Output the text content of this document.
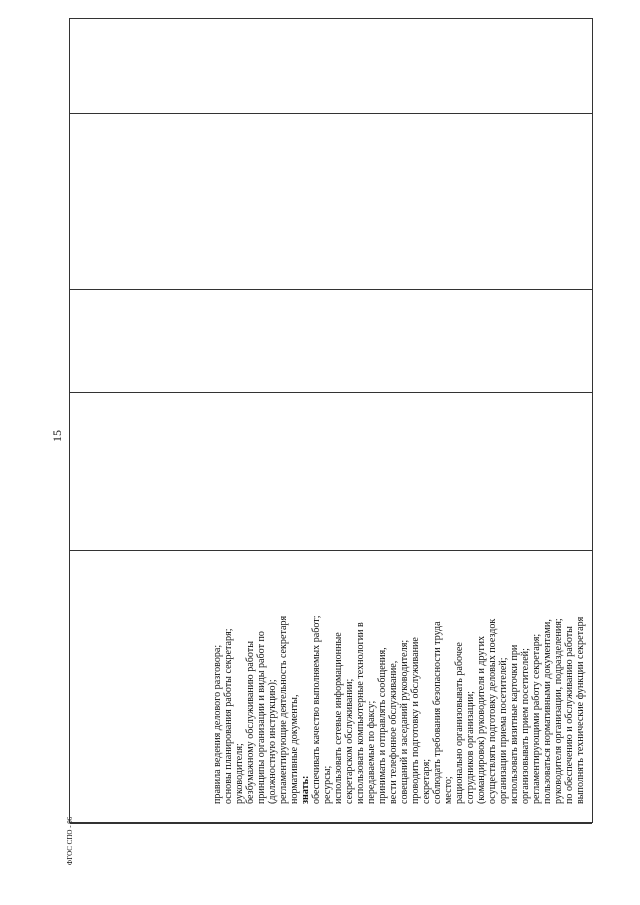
15
ФГОС СПО - 06
выполнять технические функции секретаря
по обеспечению и обслуживанию работы
руководителя организации, подразделения;
пользоваться нормативными документами,
регламентирующими работу секретаря;
организовывать прием посетителей;
использовать визитные карточки при
организации приема посетителей;
осуществлять подготовку деловых поездок
(командировок) руководителя и других
сотрудников организации;
рационально организовывать рабочее
место;
соблюдать требования безопасности труда
секретаря;
проводить подготовку и обслуживание
совещаний и заседаний руководителя;
вести телефонное обслуживание,
принимать и отправлять сообщения,
передаваемые по факсу;
использовать компьютерные технологии в
секретарском обслуживании;
использовать сетевые информационные
ресурсы;
обеспечивать качество выполняемых работ;
знать:
нормативные документы,
регламентирующие деятельность секретаря
(должностную инструкцию);
принципы организации и виды работ по
безбумажному обслуживанию работы
руководителя;
основы планирования работы секретаря;
правила ведения делового разговора;
